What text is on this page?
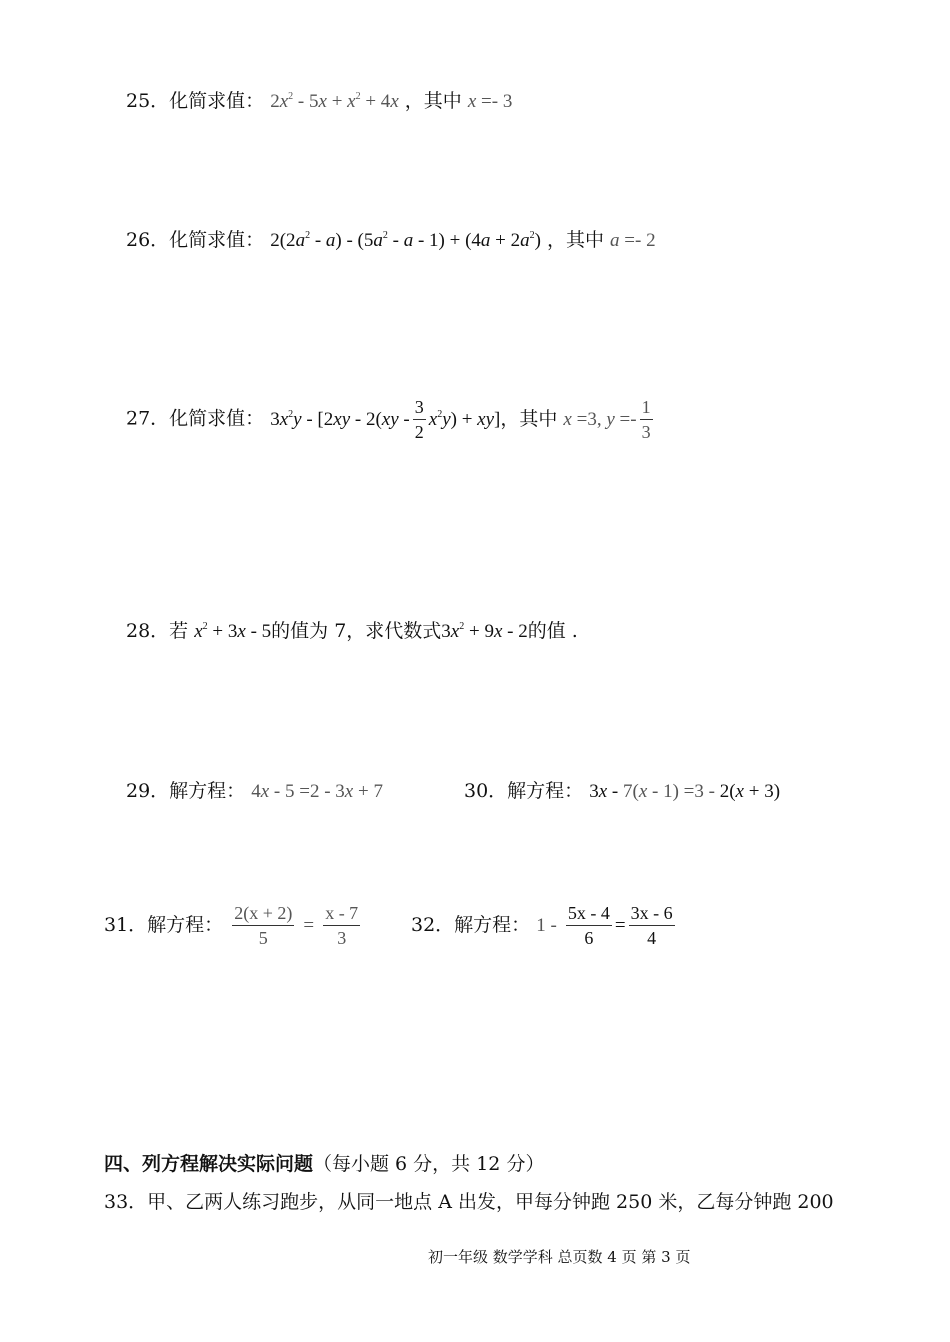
25．化简求值： $2x^2 - 5x + x^2 + 4x$ ，其中 x =- 3
26．化简求值： $2(2a^2 - a) - (5a^2 - a - 1) + (4a + 2a^2)$ ，其中 a =- 2
27．化简求值： $3x^2y - [2xy - 2(xy - \frac{3}{2} x^2y) + xy]$，其中 x =3, $y =- \frac{1}{3}$
28．若 $x^2 + 3x - 5$的值为 7，求代数式$3x^2 + 9x - 2$的值 .
29．解方程： 4x - 5 =2 - 3x + 7	30．解方程： 3x - 7(x - 1) =3 - 2(x + 3)
31．解方程： $\frac{2(x + 2)}{5} = \frac{x - 7}{3}$	32．解方程： $1 - \frac{5x - 4}{6} = \frac{3x - 6}{4}$
四、列方程解决实际问题（每小题 6 分，共 12 分）
33．甲、乙两人练习跑步，从同一地点 A 出发，甲每分钟跑 250 米，乙每分钟跑 200
初一年级 数学学科 总页数 4 页 第 3 页
